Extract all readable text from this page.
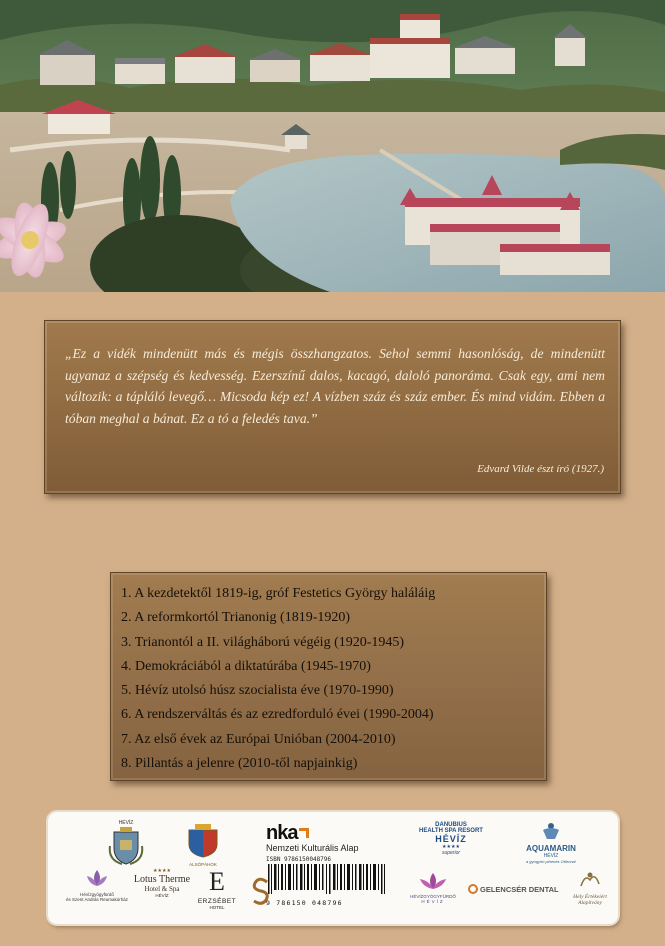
„Ez a vidék mindenütt más és mégis összhangzatos. Sehol semmi hasonlóság, de mindenütt ugyanaz a szépség és kedvesség. Ezerszínű dalos, kacagó, daloló panoráma. Csak egy, ami nem változik: a tápláló levegő… Micsoda kép ez! A vízben száz és száz ember. És mind vidám. Ebben a tóban meghal a bánat. Ez a tó a feledés tava.”

Edvard Vilde észt író (1927.)

1. A kezdetektől 1819-ig, gróf Festetics György haláláig
2. A reformkortól Trianonig (1819-1920)
3. Trianontól a II. világháború végéig (1920-1945)
4. Demokráciából a diktatúrába (1945-1970)
5. Hévíz utolsó húsz szocialista éve (1970-1990)
6. A rendszerváltás és az ezredforduló évei (1990-2004)
7. Az első évek az Európai Unióban (2004-2010)
8. Pillantás a jelenre (2010-től napjainkig)
HÉVÍZ
ALSÓPÁHOK
nka
Nemzeti Kulturális Alap
ISBN 9786150048796
9 786150 048796
DANUBIUS
HEALTH SPA RESORT
HÉVÍZ
★★★★
superior	AQUAMARIN
HÉVÍZ
a gyógyító pihenés Otthona!
Hévízgyógyfürdő
és Szent András Reumakórház
★★★★
Lotus Therme
Hotel & Spa
HÉVÍZ	E
ERZSÉBET
HOTEL
HÉVÍZGYÓGYFÜRDŐ
HÉVÍZ
GELENCSÉR DENTAL
Hely Értékeiért
Alapítvány
